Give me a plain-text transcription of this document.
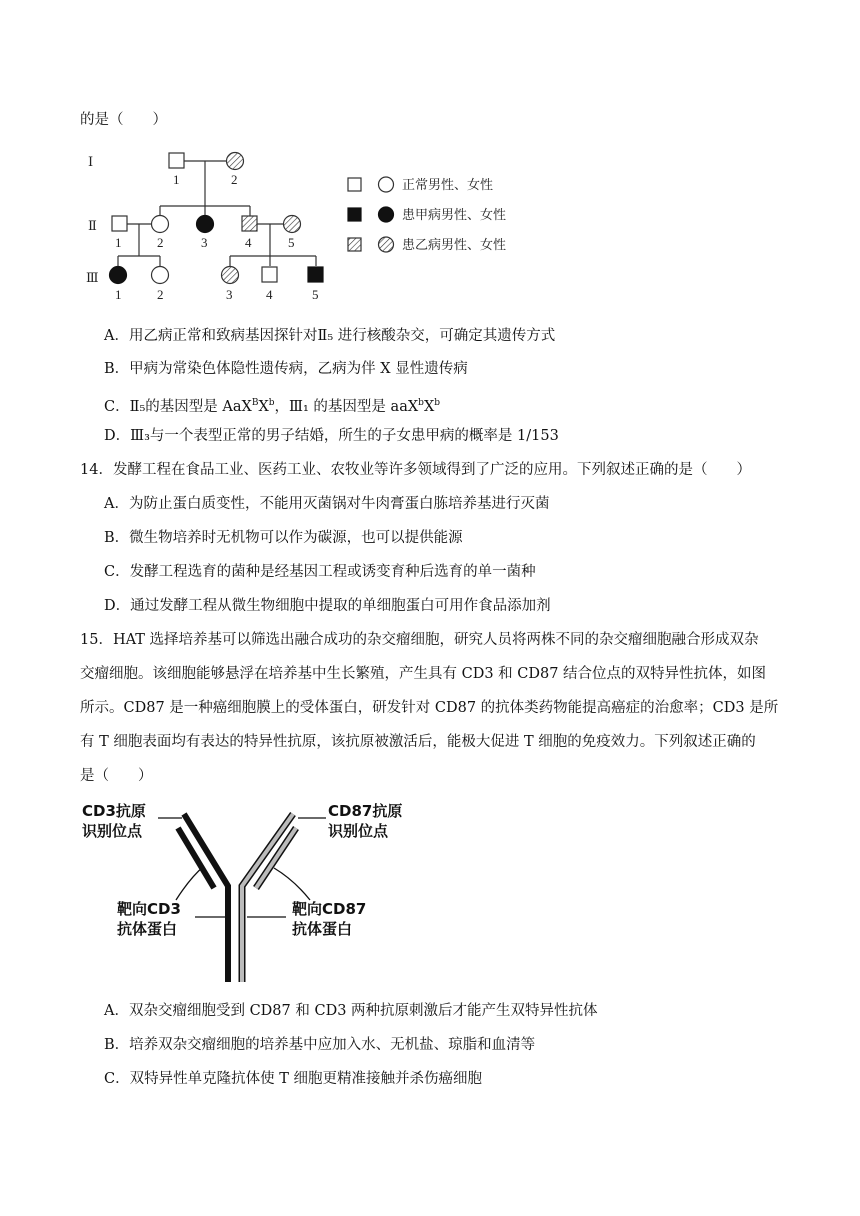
的是（　　）
Ⅰ
Ⅱ
Ⅲ
1	2
1	2	3	4	5
1	2	3	4	5
正常男性、女性
患甲病男性、女性
患乙病男性、女性
A．用乙病正常和致病基因探针对Ⅱ₅ 进行核酸杂交，可确定其遗传方式
B．甲病为常染色体隐性遗传病，乙病为伴 X 显性遗传病
C．Ⅱ₅的基因型是 $AaX^BX^b$，Ⅲ₁ 的基因型是 $aaX^bX^b$
D．Ⅲ₃与一个表型正常的男子结婚，所生的子女患甲病的概率是 1/153
14．发酵工程在食品工业、医药工业、农牧业等许多领域得到了广泛的应用。下列叙述正确的是（　　）
A．为防止蛋白质变性，不能用灭菌锅对牛肉膏蛋白胨培养基进行灭菌
B．微生物培养时无机物可以作为碳源，也可以提供能源
C．发酵工程选育的菌种是经基因工程或诱变育种后选育的单一菌种
D．通过发酵工程从微生物细胞中提取的单细胞蛋白可用作食品添加剂
15．HAT 选择培养基可以筛选出融合成功的杂交瘤细胞，研究人员将两株不同的杂交瘤细胞融合形成双杂
交瘤细胞。该细胞能够悬浮在培养基中生长繁殖，产生具有 CD3 和 CD87 结合位点的双特异性抗体，如图
所示。CD87 是一种癌细胞膜上的受体蛋白，研发针对 CD87 的抗体类药物能提高癌症的治愈率；CD3 是所
有 T 细胞表面均有表达的特异性抗原，该抗原被激活后，能极大促进 T 细胞的免疫效力。下列叙述正确的
是（　　）
CD3抗原
识别位点
CD87抗原
识别位点
靶向CD3
抗体蛋白
靶向CD87
抗体蛋白
A．双杂交瘤细胞受到 CD87 和 CD3 两种抗原刺激后才能产生双特异性抗体
B．培养双杂交瘤细胞的培养基中应加入水、无机盐、琼脂和血清等
C．双特异性单克隆抗体使 T 细胞更精准接触并杀伤癌细胞
